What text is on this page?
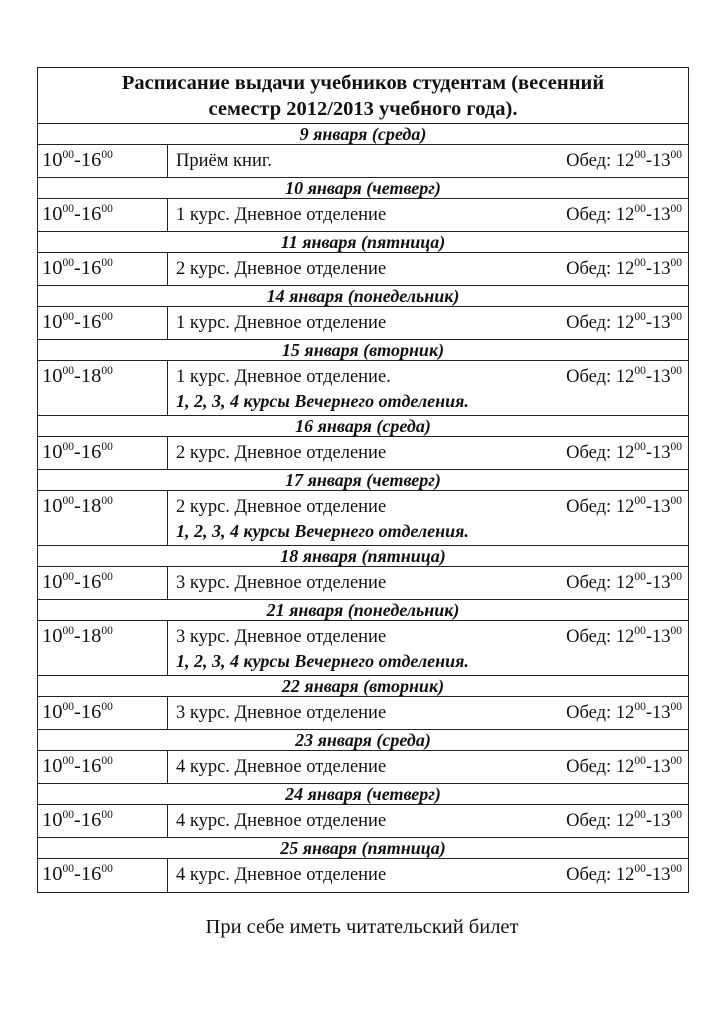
Расписание выдачи учебников студентам (весенний
семестр 2012/2013 учебного года).
9 января (среда)
$10^{00}-16^{00}$	Приём книг.	Обед: $12^{00}-13^{00}$
10 января (четверг)
$10^{00}-16^{00}$	1 курс. Дневное отделение	Обед: $12^{00}-13^{00}$
11 января (пятница)
$10^{00}-16^{00}$	2 курс. Дневное отделение	Обед: $12^{00}-13^{00}$
14 января (понедельник)
$10^{00}-16^{00}$	1 курс. Дневное отделение	Обед: $12^{00}-13^{00}$
15 января (вторник)
$10^{00}-18^{00}$	1 курс. Дневное отделение.	Обед: $12^{00}-13^{00}$
1, 2, 3, 4 курсы Вечернего отделения.
16 января (среда)
$10^{00}-16^{00}$	2 курс. Дневное отделение	Обед: $12^{00}-13^{00}$
17 января (четверг)
$10^{00}-18^{00}$	2 курс. Дневное отделение	Обед: $12^{00}-13^{00}$
1, 2, 3, 4 курсы Вечернего отделения.
18 января (пятница)
$10^{00}-16^{00}$	3 курс. Дневное отделение	Обед: $12^{00}-13^{00}$
21 января (понедельник)
$10^{00}-18^{00}$	3 курс. Дневное отделение	Обед: $12^{00}-13^{00}$
1, 2, 3, 4 курсы Вечернего отделения.
22 января (вторник)
$10^{00}-16^{00}$	3 курс. Дневное отделение	Обед: $12^{00}-13^{00}$
23 января (среда)
$10^{00}-16^{00}$	4 курс. Дневное отделение	Обед: $12^{00}-13^{00}$
24 января (четверг)
$10^{00}-16^{00}$	4 курс. Дневное отделение	Обед: $12^{00}-13^{00}$
25 января (пятница)
$10^{00}-16^{00}$	4 курс. Дневное отделение	Обед: $12^{00}-13^{00}$
При себе иметь читательский билет
